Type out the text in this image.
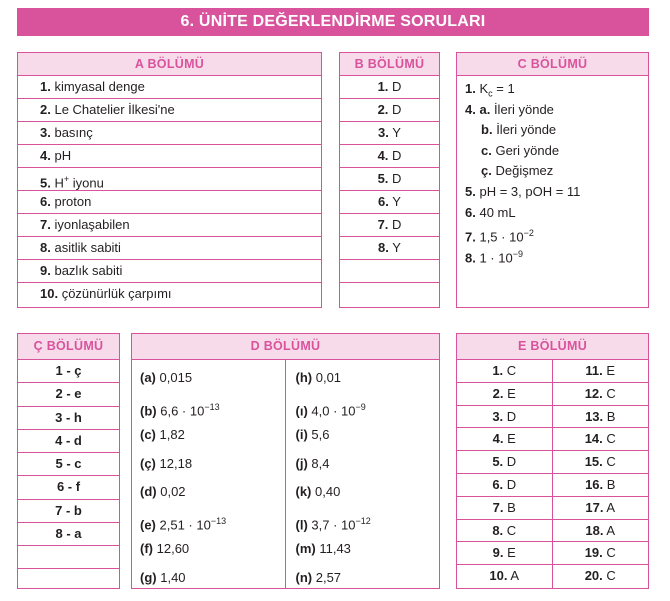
6. ÜNİTE DEĞERLENDİRME SORULARI
A BÖLÜMÜ
1. kimyasal denge
2. Le Chatelier İlkesi'ne
3. basınç
4. pH
5. H+ iyonu
6. proton
7. iyonlaşabilen
8. asitlik sabiti
9. bazlık sabiti
10. çözünürlük çarpımı
B BÖLÜMÜ
1. D
2. D
3. Y
4. D
5. D
6. Y
7. D
8. Y
C BÖLÜMÜ
1. $K_c = 1$
4. a. İleri yönde
b. İleri yönde
c. Geri yönde
ç. Değişmez
5. pH = 3, pOH = 11
6. 40 mL
7. $1,5 \cdot 10^{-2}$
8. $1 \cdot 10^{-9}$
Ç BÖLÜMÜ
1 - ç
2 - e
3 - h
4 - d
5 - c
6 - f
7 - b
8 - a
D BÖLÜMÜ
(a) 0,015
(b) $6,6 \cdot 10^{-13}$
(c) 1,82
(ç) 12,18
(d) 0,02
(e) $2,51 \cdot 10^{-13}$
(f) 12,60
(g) 1,40
(h) 0,01
(ı) $4,0 \cdot 10^{-9}$
(i) 5,6
(j) 8,4
(k) 0,40
(l) $3,7 \cdot 10^{-12}$
(m) 11,43
(n) 2,57
E BÖLÜMÜ
1. C	11. E
2. E	12. C
3. D	13. B
4. E	14. C
5. D	15. C
6. D	16. B
7. B	17. A
8. C	18. A
9. E	19. C
10. A	20. C
